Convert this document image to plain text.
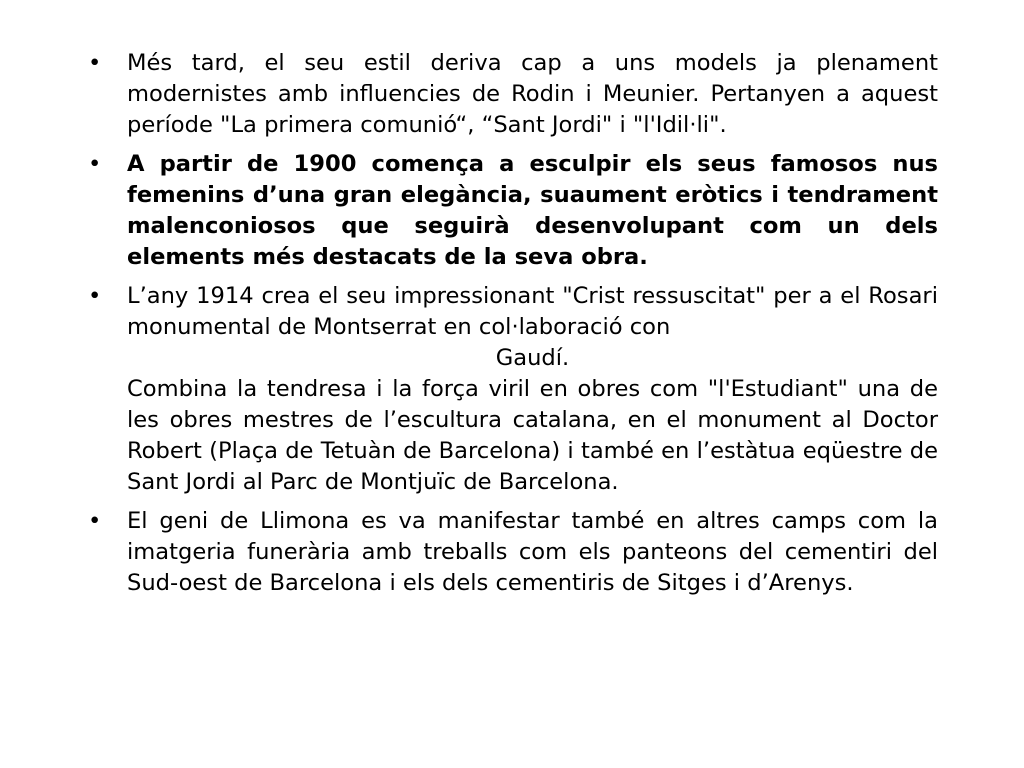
• Més tard, el seu estil deriva cap a uns models ja plenament modernistes amb influencies de Rodin i Meunier. Pertanyen a aquest període "La primera comunió“, “Sant Jordi" i "l'Idil·li".
• A partir de 1900 comença a esculpir els seus famosos nus femenins d’una gran elegància, suaument eròtics i tendrament malenconiosos que seguirà desenvolupant com un dels elements més destacats de la seva obra.
• L’any 1914 crea el seu impressionant "Crist ressuscitat" per a el Rosari monumental de Montserrat en col·laboració con
Gaudí.
Combina la tendresa i la força viril en obres com "l'Estudiant" una de les obres mestres de l’escultura catalana, en el monument al Doctor Robert (Plaça de Tetuàn de Barcelona) i també en l’estàtua eqüestre de Sant Jordi al Parc de Montjuïc de Barcelona.
• El geni de Llimona es va manifestar també en altres camps com la imatgeria funerària amb treballs com els panteons del cementiri del Sud-oest de Barcelona i els dels cementiris de Sitges i d’Arenys.
